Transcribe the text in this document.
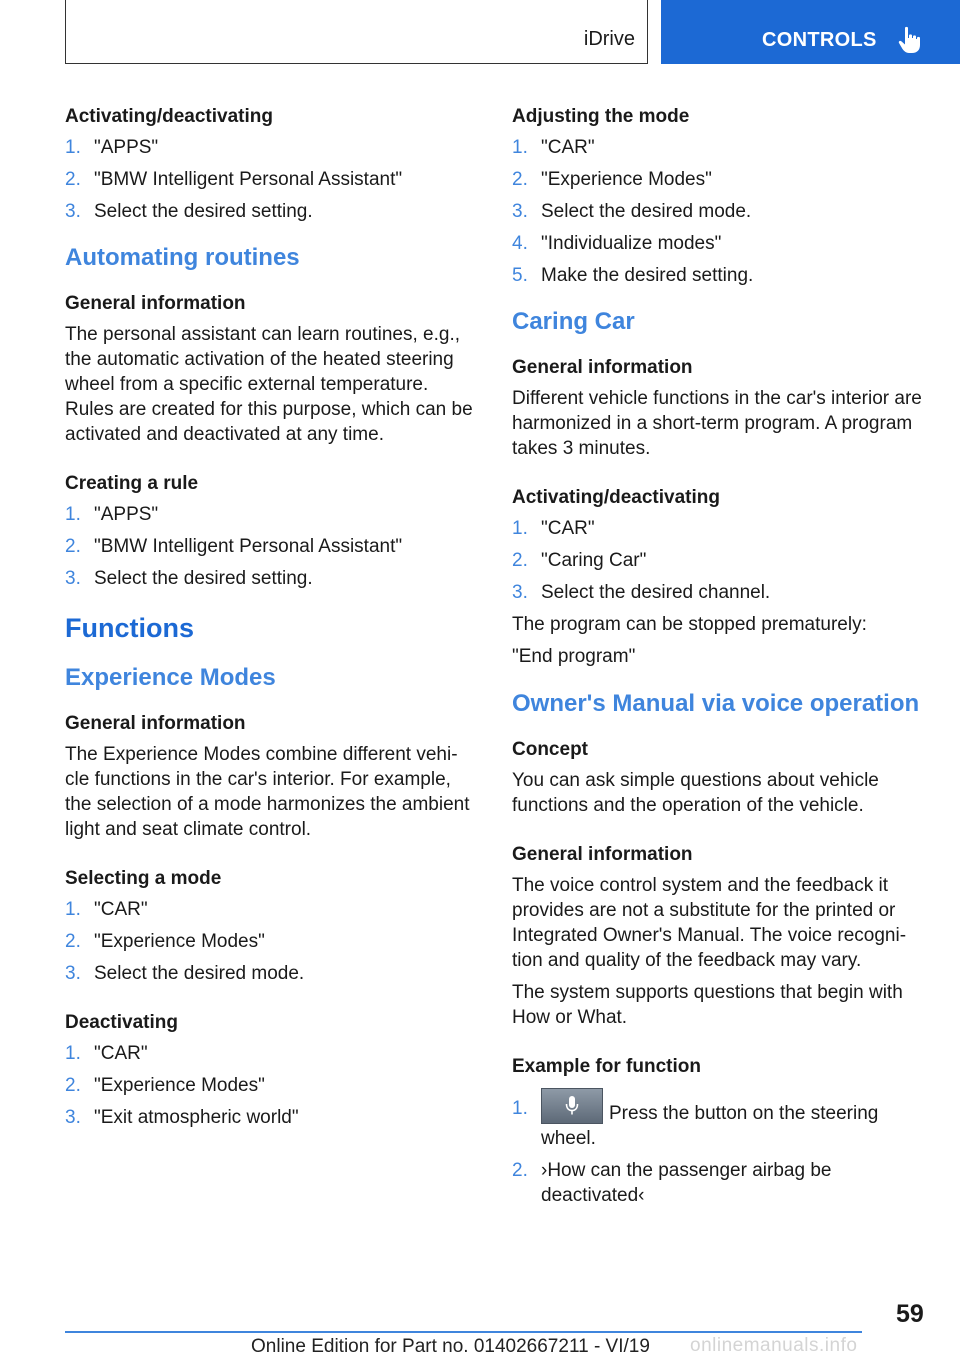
iDrive	CONTROLS
Activating/deactivating
1. "APPS"
2. "BMW Intelligent Personal Assistant"
3. Select the desired setting.
Automating routines
General information

The personal assistant can learn routines, e.g., the automatic activation of the heated steering wheel from a specific external temperature. Rules are created for this purpose, which can be activated and deactivated at any time.

Creating a rule
1. "APPS"
2. "BMW Intelligent Personal Assistant"
3. Select the desired setting.
Functions
Experience Modes
General information

The Experience Modes combine different vehi-cle functions in the car's interior. For example, the selection of a mode harmonizes the ambient light and seat climate control.

Selecting a mode
1. "CAR"
2. "Experience Modes"
3. Select the desired mode.
Deactivating
1. "CAR"
2. "Experience Modes"
3. "Exit atmospheric world"
Adjusting the mode
1. "CAR"
2. "Experience Modes"
3. Select the desired mode.
4. "Individualize modes"
5. Make the desired setting.
Caring Car
General information

Different vehicle functions in the car's interior are harmonized in a short-term program. A program takes 3 minutes.

Activating/deactivating
1. "CAR"
2. "Caring Car"
3. Select the desired channel.

The program can be stopped prematurely:

"End program"

Owner's Manual via voice operation
Concept

You can ask simple questions about vehicle functions and the operation of the vehicle.

General information

The voice control system and the feedback it provides are not a substitute for the printed or Integrated Owner's Manual. The voice recogni-tion and quality of the feedback may vary.

The system supports questions that begin with How or What.

Example for function
1.	Press the button on the steering wheel.
2. ›How can the passenger airbag be deactivated‹
59
Online Edition for Part no. 01402667211 - VI/19 onlinemanuals.info
